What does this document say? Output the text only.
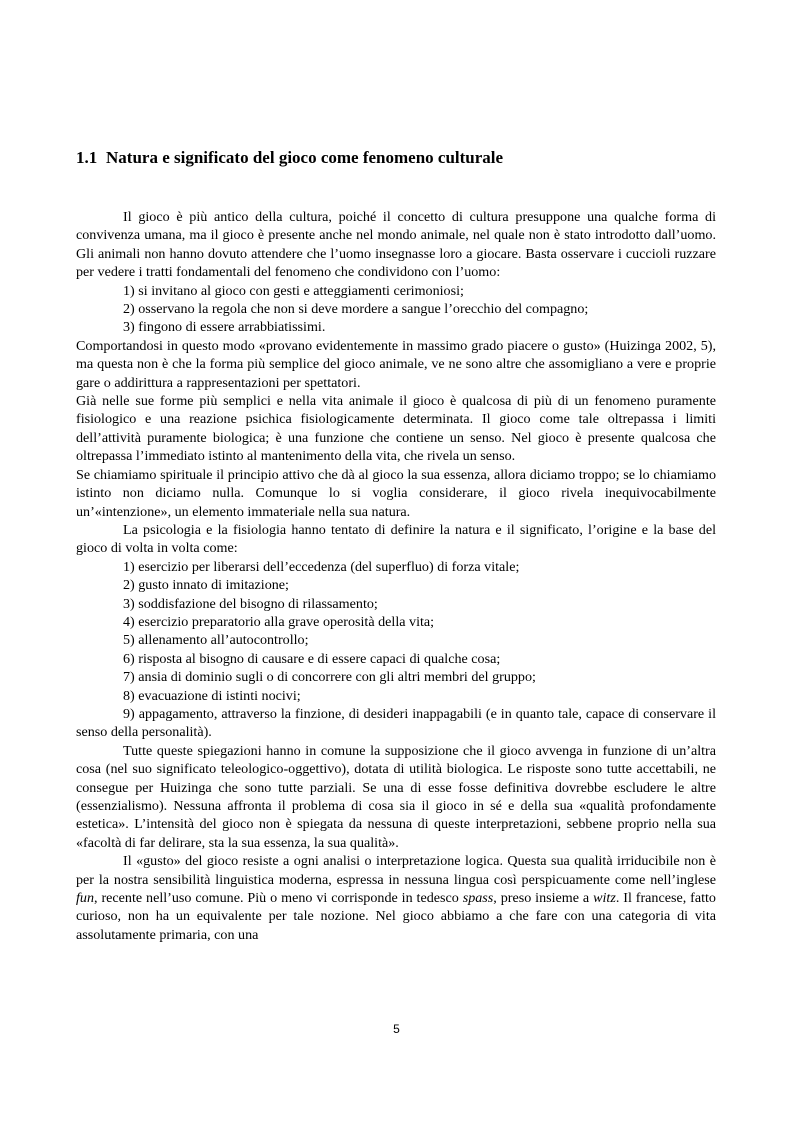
1.1 Natura e significato del gioco come fenomeno culturale

Il gioco è più antico della cultura, poiché il concetto di cultura presuppone una qualche forma di convivenza umana, ma il gioco è presente anche nel mondo animale, nel quale non è stato introdotto dall’uomo. Gli animali non hanno dovuto attendere che l’uomo insegnasse loro a giocare. Basta osservare i cuccioli ruzzare per vedere i tratti fondamentali del fenomeno che condividono con l’uomo:

1) si invitano al gioco con gesti e atteggiamenti cerimoniosi;

2) osservano la regola che non si deve mordere a sangue l’orecchio del compagno;

3) fingono di essere arrabbiatissimi.

Comportandosi in questo modo «provano evidentemente in massimo grado piacere o gusto» (Huizinga 2002, 5), ma questa non è che la forma più semplice del gioco animale, ve ne sono altre che assomigliano a vere e proprie gare o addirittura a rappresentazioni per spettatori.

Già nelle sue forme più semplici e nella vita animale il gioco è qualcosa di più di un fenomeno puramente fisiologico e una reazione psichica fisiologicamente determinata. Il gioco come tale oltrepassa i limiti dell’attività puramente biologica; è una funzione che contiene un senso. Nel gioco è presente qualcosa che oltrepassa l’immediato istinto al mantenimento della vita, che rivela un senso.

Se chiamiamo spirituale il principio attivo che dà al gioco la sua essenza, allora diciamo troppo; se lo chiamiamo istinto non diciamo nulla. Comunque lo si voglia considerare, il gioco rivela inequivocabilmente un’«intenzione», un elemento immateriale nella sua natura.

La psicologia e la fisiologia hanno tentato di definire la natura e il significato, l’origine e la base del gioco di volta in volta come:

1) esercizio per liberarsi dell’eccedenza (del superfluo) di forza vitale;

2) gusto innato di imitazione;

3) soddisfazione del bisogno di rilassamento;

4) esercizio preparatorio alla grave operosità della vita;

5) allenamento all’autocontrollo;

6) risposta al bisogno di causare e di essere capaci di qualche cosa;

7) ansia di dominio sugli o di concorrere con gli altri membri del gruppo;

8) evacuazione di istinti nocivi;

9) appagamento, attraverso la finzione, di desideri inappagabili (e in quanto tale, capace di conservare il senso della personalità).

Tutte queste spiegazioni hanno in comune la supposizione che il gioco avvenga in funzione di un’altra cosa (nel suo significato teleologico-oggettivo), dotata di utilità biologica. Le risposte sono tutte accettabili, ne consegue per Huizinga che sono tutte parziali. Se una di esse fosse definitiva dovrebbe escludere le altre (essenzialismo). Nessuna affronta il problema di cosa sia il gioco in sé e della sua «qualità profondamente estetica». L’intensità del gioco non è spiegata da nessuna di queste interpretazioni, sebbene proprio nella sua «facoltà di far delirare, sta la sua essenza, la sua qualità».

Il «gusto» del gioco resiste a ogni analisi o interpretazione logica. Questa sua qualità irriducibile non è per la nostra sensibilità linguistica moderna, espressa in nessuna lingua così perspicuamente come nell’inglese fun, recente nell’uso comune. Più o meno vi corrisponde in tedesco spass, preso insieme a witz. Il francese, fatto curioso, non ha un equivalente per tale nozione. Nel gioco abbiamo a che fare con una categoria di vita assolutamente primaria, con una

5
